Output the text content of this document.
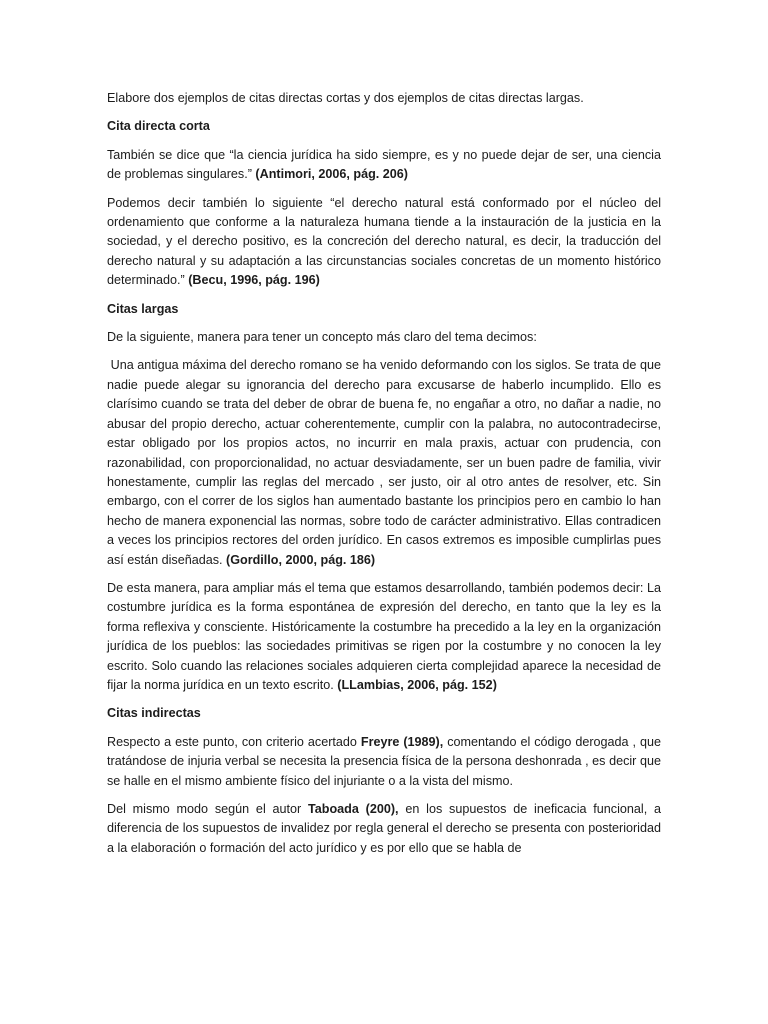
Elabore dos ejemplos de citas directas cortas y dos ejemplos de citas directas largas.

Cita directa corta

También se dice que “la ciencia jurídica ha sido siempre, es y no puede dejar de ser, una ciencia de problemas singulares.” (Antimori, 2006, pág. 206)

Podemos decir también lo siguiente “el derecho natural está conformado por el núcleo del ordenamiento que conforme a la naturaleza humana tiende a la instauración de la justicia en la sociedad, y el derecho positivo, es la concreción del derecho natural, es decir, la traducción del derecho natural y su adaptación a las circunstancias sociales concretas de un momento histórico determinado.” (Becu, 1996, pág. 196)

Citas largas

De la siguiente, manera para tener un concepto más claro del tema decimos:

Una antigua máxima del derecho romano se ha venido deformando con los siglos. Se trata de que nadie puede alegar su ignorancia del derecho para excusarse de haberlo incumplido. Ello es clarísimo cuando se trata del deber de obrar de buena fe, no engañar a otro, no dañar a nadie, no abusar del propio derecho, actuar coherentemente, cumplir con la palabra, no autocontradecirse, estar obligado por los propios actos, no incurrir en mala praxis, actuar con prudencia, con razonabilidad, con proporcionalidad, no actuar desviadamente, ser un buen padre de familia, vivir honestamente, cumplir las reglas del mercado , ser justo, oir al otro antes de resolver, etc. Sin embargo, con el correr de los siglos han aumentado bastante los principios pero en cambio lo han hecho de manera exponencial las normas, sobre todo de carácter administrativo. Ellas contradicen a veces los principios rectores del orden jurídico. En casos extremos es imposible cumplirlas pues así están diseñadas. (Gordillo, 2000, pág. 186)

De esta manera, para ampliar más el tema que estamos desarrollando, también podemos decir: La costumbre jurídica es la forma espontánea de expresión del derecho, en tanto que la ley es la forma reflexiva y consciente. Históricamente la costumbre ha precedido a la ley en la organización jurídica de los pueblos: las sociedades primitivas se rigen por la costumbre y no conocen la ley escrito. Solo cuando las relaciones sociales adquieren cierta complejidad aparece la necesidad de fijar la norma jurídica en un texto escrito. (LLambias, 2006, pág. 152)

Citas indirectas

Respecto a este punto, con criterio acertado Freyre (1989), comentando el código derogada , que tratándose de injuria verbal se necesita la presencia física de la persona deshonrada , es decir que se halle en el mismo ambiente físico del injuriante o a la vista del mismo.

Del mismo modo según el autor Taboada (200), en los supuestos de ineficacia funcional, a diferencia de los supuestos de invalidez por regla general el derecho se presenta con posterioridad a la elaboración o formación del acto jurídico y es por ello que se habla de
